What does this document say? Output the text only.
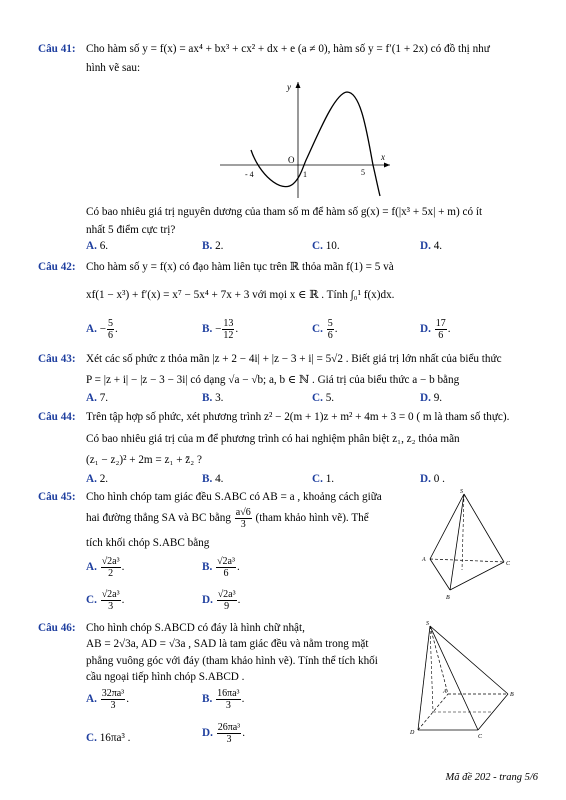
Câu 41: Cho hàm số y = f(x) = ax⁴ + bx³ + cx² + dx + e (a ≠ 0), hàm số y = f′(1 + 2x) có đồ thị như
hình vẽ sau:
y
x
O
- 4	1	5
Có bao nhiêu giá trị nguyên dương của tham số m để hàm số g(x) = f(|x³ + 5x| + m) có ít
nhất 5 điểm cực trị?
A. 6.	B. 2.	C. 10.	D. 4.
Câu 42: Cho hàm số y = f(x) có đạo hàm liên tục trên ℝ thỏa mãn f(1) = 5 và
xf(1 − x³) + f′(x) = x⁷ − 5x⁴ + 7x + 3 với mọi x ∈ ℝ . Tính ∫₀¹ f(x)dx.
A. − $\frac{5}{6}$ .	B. − $\frac{13}{12}$ .	C. $\frac{5}{6}$ .	D. $\frac{17}{6}$ .
Câu 43: Xét các số phức z thỏa mãn |z + 2 − 4i| + |z − 3 + i| = 5√2 . Biết giá trị lớn nhất của biểu thức
P = |z + i| − |z − 3 − 3i| có dạng √a − √b; a, b ∈ ℕ . Giá trị của biểu thức a − b bằng
A. 7.	B. 3.	C. 5.	D. 9.
Câu 44: Trên tập hợp số phức, xét phương trình z² − 2(m + 1)z + m² + 4m + 3 = 0 ( m là tham số thực).
Có bao nhiêu giá trị của m để phương trình có hai nghiệm phân biệt z₁, z₂ thỏa mãn
(z₁ − z₂)² + 2m = z₁ + z̄₂ ?
A. 2.	B. 4.	C. 1.	D. 0 .
Câu 45: Cho hình chóp tam giác đều S.ABC có AB = a , khoảng cách giữa
hai đường thẳng SA và BC bằng $\frac{a√6}{3}$ (tham khảo hình vẽ). Thể
tích khối chóp S.ABC bằng
A. $\frac{\text{√2a³}}{2}$ .	B. $\frac{\text{√2a³}}{6}$ .
C. $\frac{\text{√2a³}}{3}$ .	D. $\frac{\text{√2a³}}{9}$ .
S
A
B
C
Câu 46: Cho hình chóp S.ABCD có đáy là hình chữ nhật,
AB = 2√3a, AD = √3a , SAD là tam giác đều và nằm trong mặt
phẳng vuông góc với đáy (tham khảo hình vẽ). Tính thể tích khối
cầu ngoại tiếp hình chóp S.ABCD .
A. $\frac{\text{32πa³}}{3}$ .	B. $\frac{\text{16πa³}}{3}$ .
C. 16πa³ .	D. $\frac{\text{26πa³}}{3}$ .
S
A	B
C
D
Mã đề 202 - trang 5/6
